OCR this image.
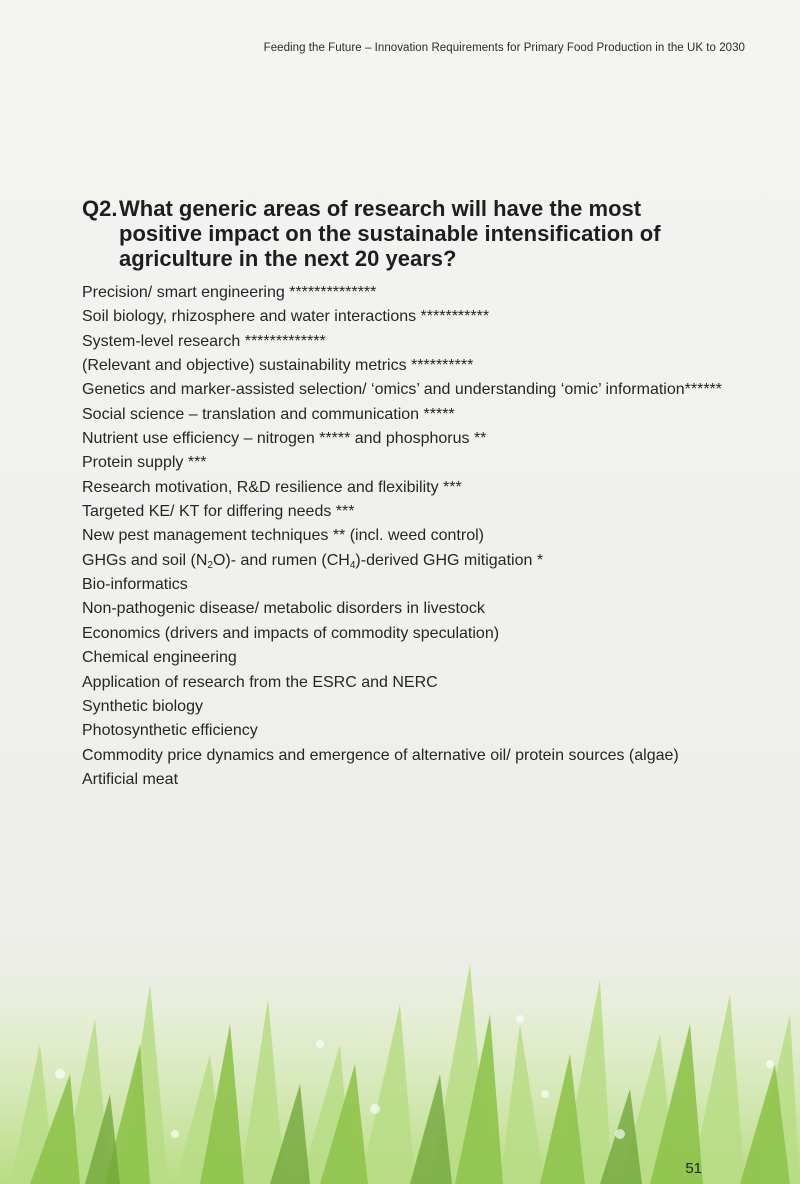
Feeding the Future – Innovation Requirements for Primary Food Production in the UK to 2030
Q2. What generic areas of research will have the most positive impact on the sustainable intensification of agriculture in the next 20 years?
Precision/ smart engineering **************
Soil biology, rhizosphere and water interactions ***********
System-level research *************
(Relevant and objective) sustainability metrics **********
Genetics and marker-assisted selection/ ‘omics’ and understanding ‘omic’ information******
Social science – translation and communication *****
Nutrient use efficiency – nitrogen ***** and phosphorus **
Protein supply ***
Research motivation, R&D resilience and flexibility ***
Targeted KE/ KT for differing needs ***
New pest management techniques ** (incl. weed control)
GHGs and soil $(N_2O)-$ and rumen $(CH_4)$-derived GHG mitigation *
Bio-informatics
Non-pathogenic disease/ metabolic disorders in livestock
Economics (drivers and impacts of commodity speculation)
Chemical engineering
Application of research from the ESRC and NERC
Synthetic biology
Photosynthetic efficiency
Commodity price dynamics and emergence of alternative oil/ protein sources (algae)
Artificial meat
51
